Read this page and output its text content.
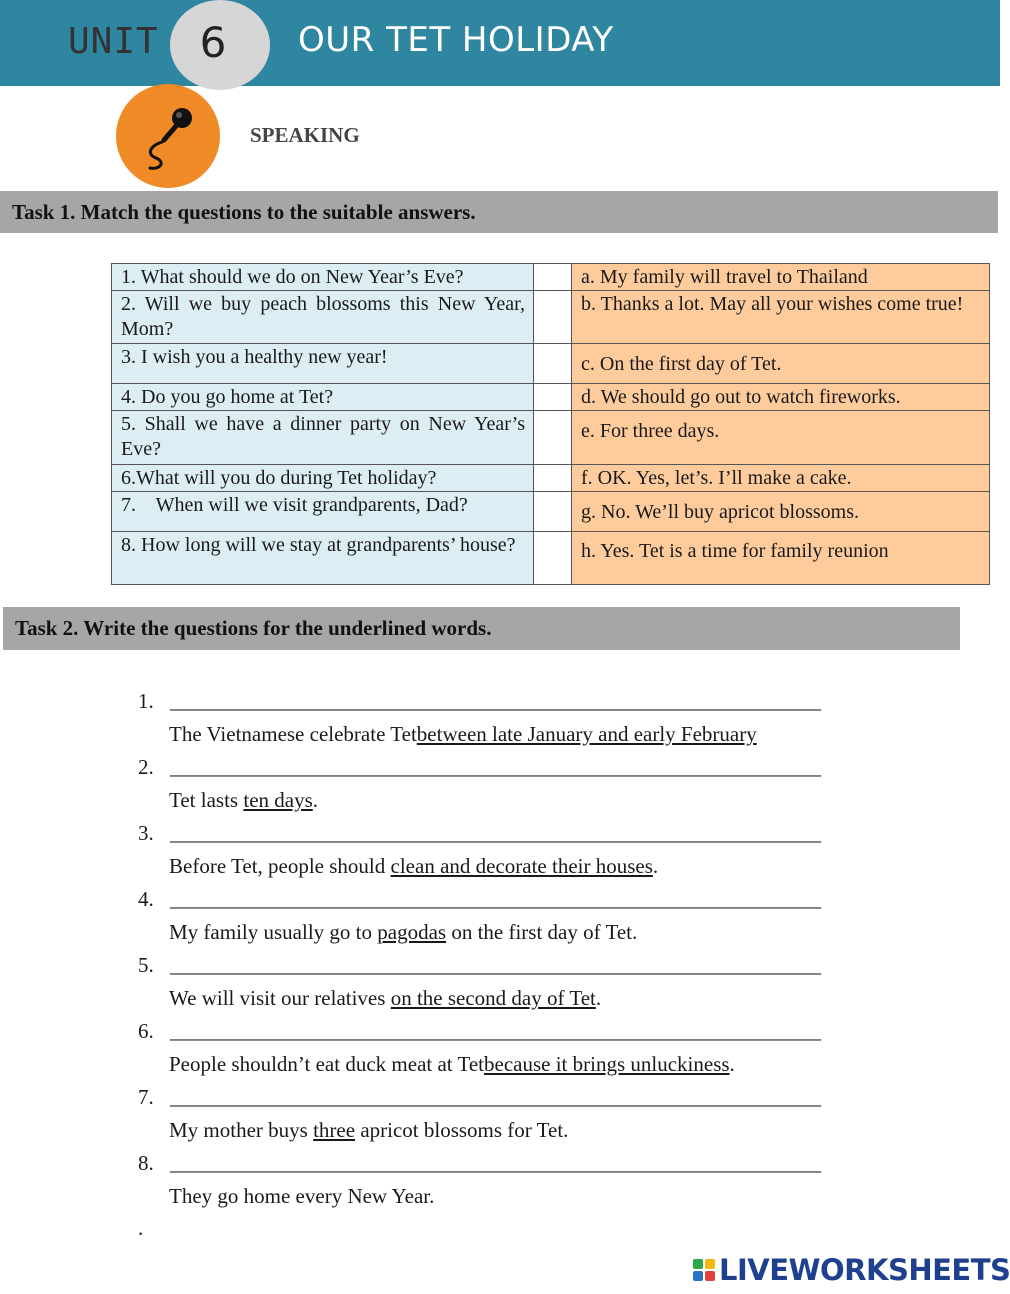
UNIT 6 OUR TET HOLIDAY
SPEAKING
Task 1. Match the questions to the suitable answers.
1. What should we do on New Year’s Eve?		a. My family will travel to Thailand
2. Will we buy peach blossoms this New Year, Mom?		b. Thanks a lot. May all your wishes come true!
3. I wish you a healthy new year!		c. On the first day of Tet.
4. Do you go home at Tet?		d. We should go out to watch fireworks.
5. Shall we have a dinner party on New Year’s Eve?		e. For three days.
6.What will you do during Tet holiday?		f. OK. Yes, let’s. I’ll make a cake.
7.    When will we visit grandparents, Dad?		g. No. We’ll buy apricot blossoms.
8. How long will we stay at grandparents’ house?		h. Yes. Tet is a time for family reunion
Task 2. Write the questions for the underlined words.
1. ______________________________________________________________
The Vietnamese celebrate Tetbetween late January and early February
2. ______________________________________________________________
Tet lasts ten days.
3. ______________________________________________________________
Before Tet, people should clean and decorate their houses.
4. ______________________________________________________________
My family usually go to pagodas on the first day of Tet.
5. ______________________________________________________________
We will visit our relatives on the second day of Tet.
6. ______________________________________________________________
People shouldn’t eat duck meat at Tetbecause it brings unluckiness.
7. ______________________________________________________________
My mother buys three apricot blossoms for Tet.
8. ______________________________________________________________
They go home every New Year.
.
LIVEWORKSHEETS
